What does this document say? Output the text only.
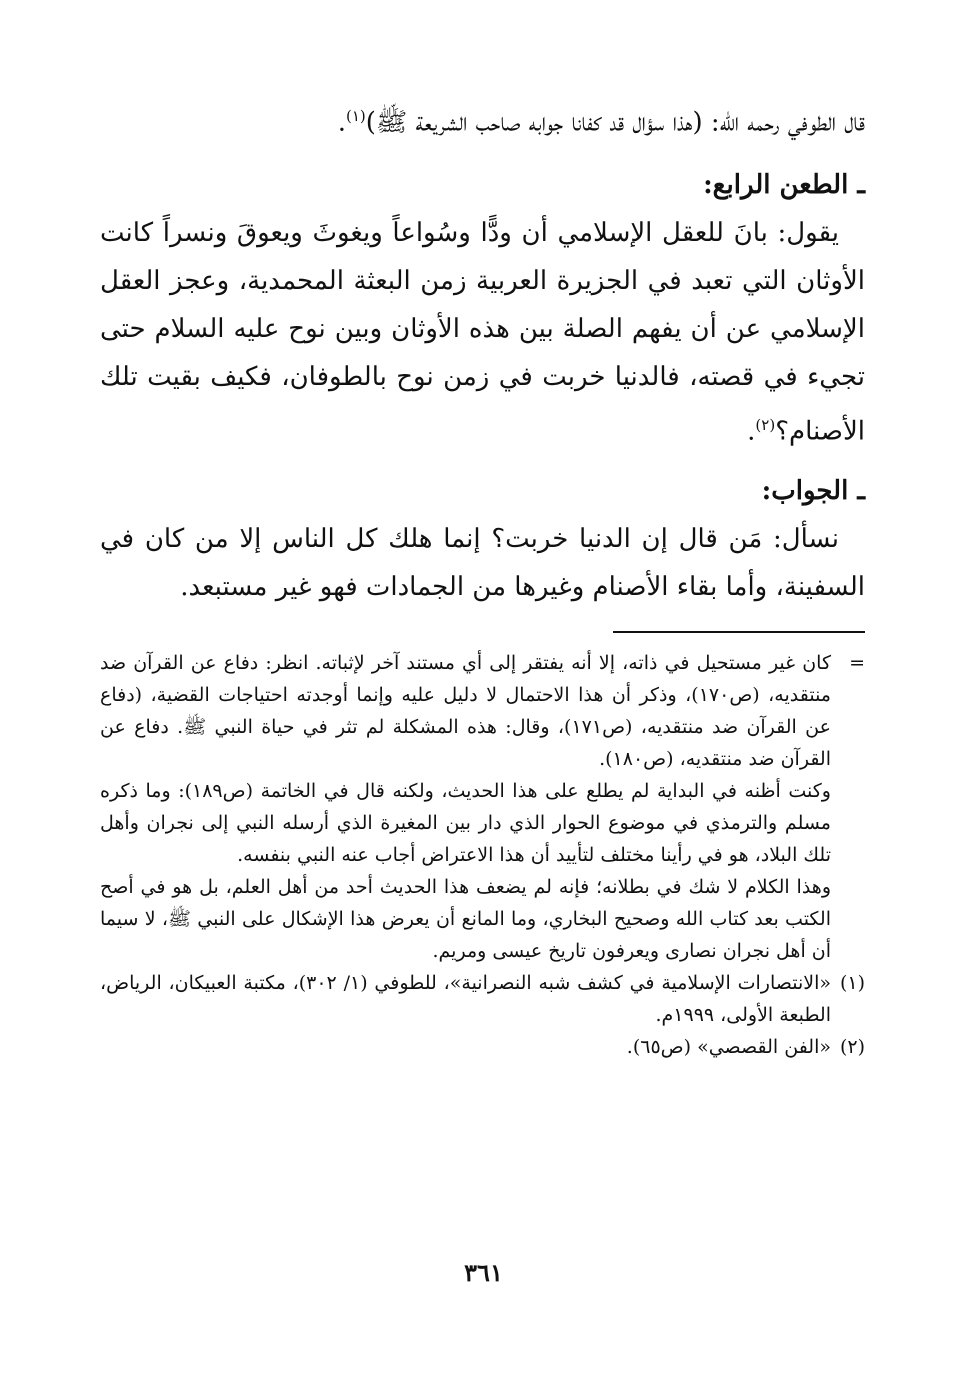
قال الطوفي رحمه الله: (هذا سؤال قد كفانا جوابه صاحب الشريعة ﷺ)$^{(١)}$.

ـ الطعن الرابع:

يقول: بانَ للعقل الإسلامي أن ودًّا وسُواعاً ويغوثَ ويعوقَ ونسراً كانت الأوثان التي تعبد في الجزيرة العربية زمن البعثة المحمدية، وعجز العقل الإسلامي عن أن يفهم الصلة بين هذه الأوثان وبين نوح عليه السلام حتى تجيء في قصته، فالدنيا خربت في زمن نوح بالطوفان، فكيف بقيت تلك الأصنام؟$^{(٢)}$.

ـ الجواب:

نسأل: مَن قال إن الدنيا خربت؟ إنما هلك كل الناس إلا من كان في السفينة، وأما بقاء الأصنام وغيرها من الجمادات فهو غير مستبعد.

=

كان غير مستحيل في ذاته، إلا أنه يفتقر إلى أي مستند آخر لإثباته. انظر: دفاع عن القرآن ضد منتقديه، (ص١٧٠)، وذكر أن هذا الاحتمال لا دليل عليه وإنما أوجدته احتياجات القضية، (دفاع عن القرآن ضد منتقديه، (ص١٧١)، وقال: هذه المشكلة لم تثر في حياة النبي ﷺ. دفاع عن القرآن ضد منتقديه، (ص١٨٠).

وكنت أظنه في البداية لم يطلع على هذا الحديث، ولكنه قال في الخاتمة (ص١٨٩): وما ذكره مسلم والترمذي في موضوع الحوار الذي دار بين المغيرة الذي أرسله النبي إلى نجران وأهل تلك البلاد، هو في رأينا مختلف لتأييد أن هذا الاعتراض أجاب عنه النبي بنفسه.

وهذا الكلام لا شك في بطلانه؛ فإنه لم يضعف هذا الحديث أحد من أهل العلم، بل هو في أصح الكتب بعد كتاب الله وصحيح البخاري، وما المانع أن يعرض هذا الإشكال على النبي ﷺ، لا سيما أن أهل نجران نصارى ويعرفون تاريخ عيسى ومريم.

(١)
«الانتصارات الإسلامية في كشف شبه النصرانية»، للطوفي (١/ ٣٠٢)، مكتبة العبيكان، الرياض، الطبعة الأولى، ١٩٩٩م.
(٢)
«الفن القصصي» (ص٦٥).
٣٦١
